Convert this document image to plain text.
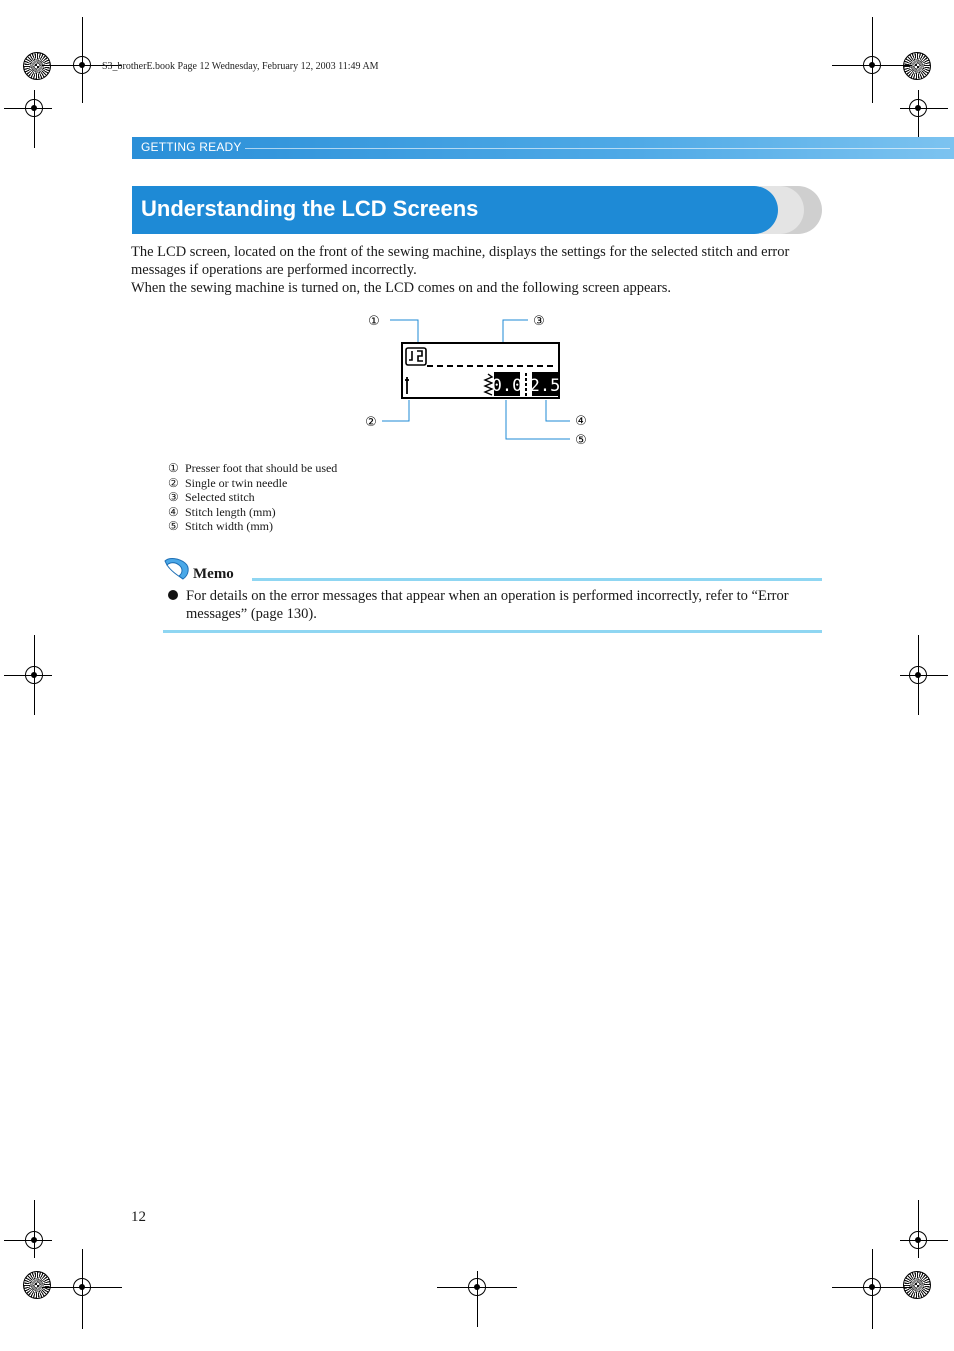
S3_brotherE.book Page 12 Wednesday, February 12, 2003 11:49 AM
GETTING READY
Understanding the LCD Screens

The LCD screen, located on the front of the sewing machine, displays the settings for the selected stitch and error messages if operations are performed incorrectly.

When the sewing machine is turned on, the LCD comes on and the following screen appears.

①	③
②	④
⑤
0.0 2.5
① Presser foot that should be used
② Single or twin needle
③ Selected stitch
④ Stitch length (mm)
⑤ Stitch width (mm)
Memo
For details on the error messages that appear when an operation is performed incorrectly, refer to “Error messages” (page 130).
12
